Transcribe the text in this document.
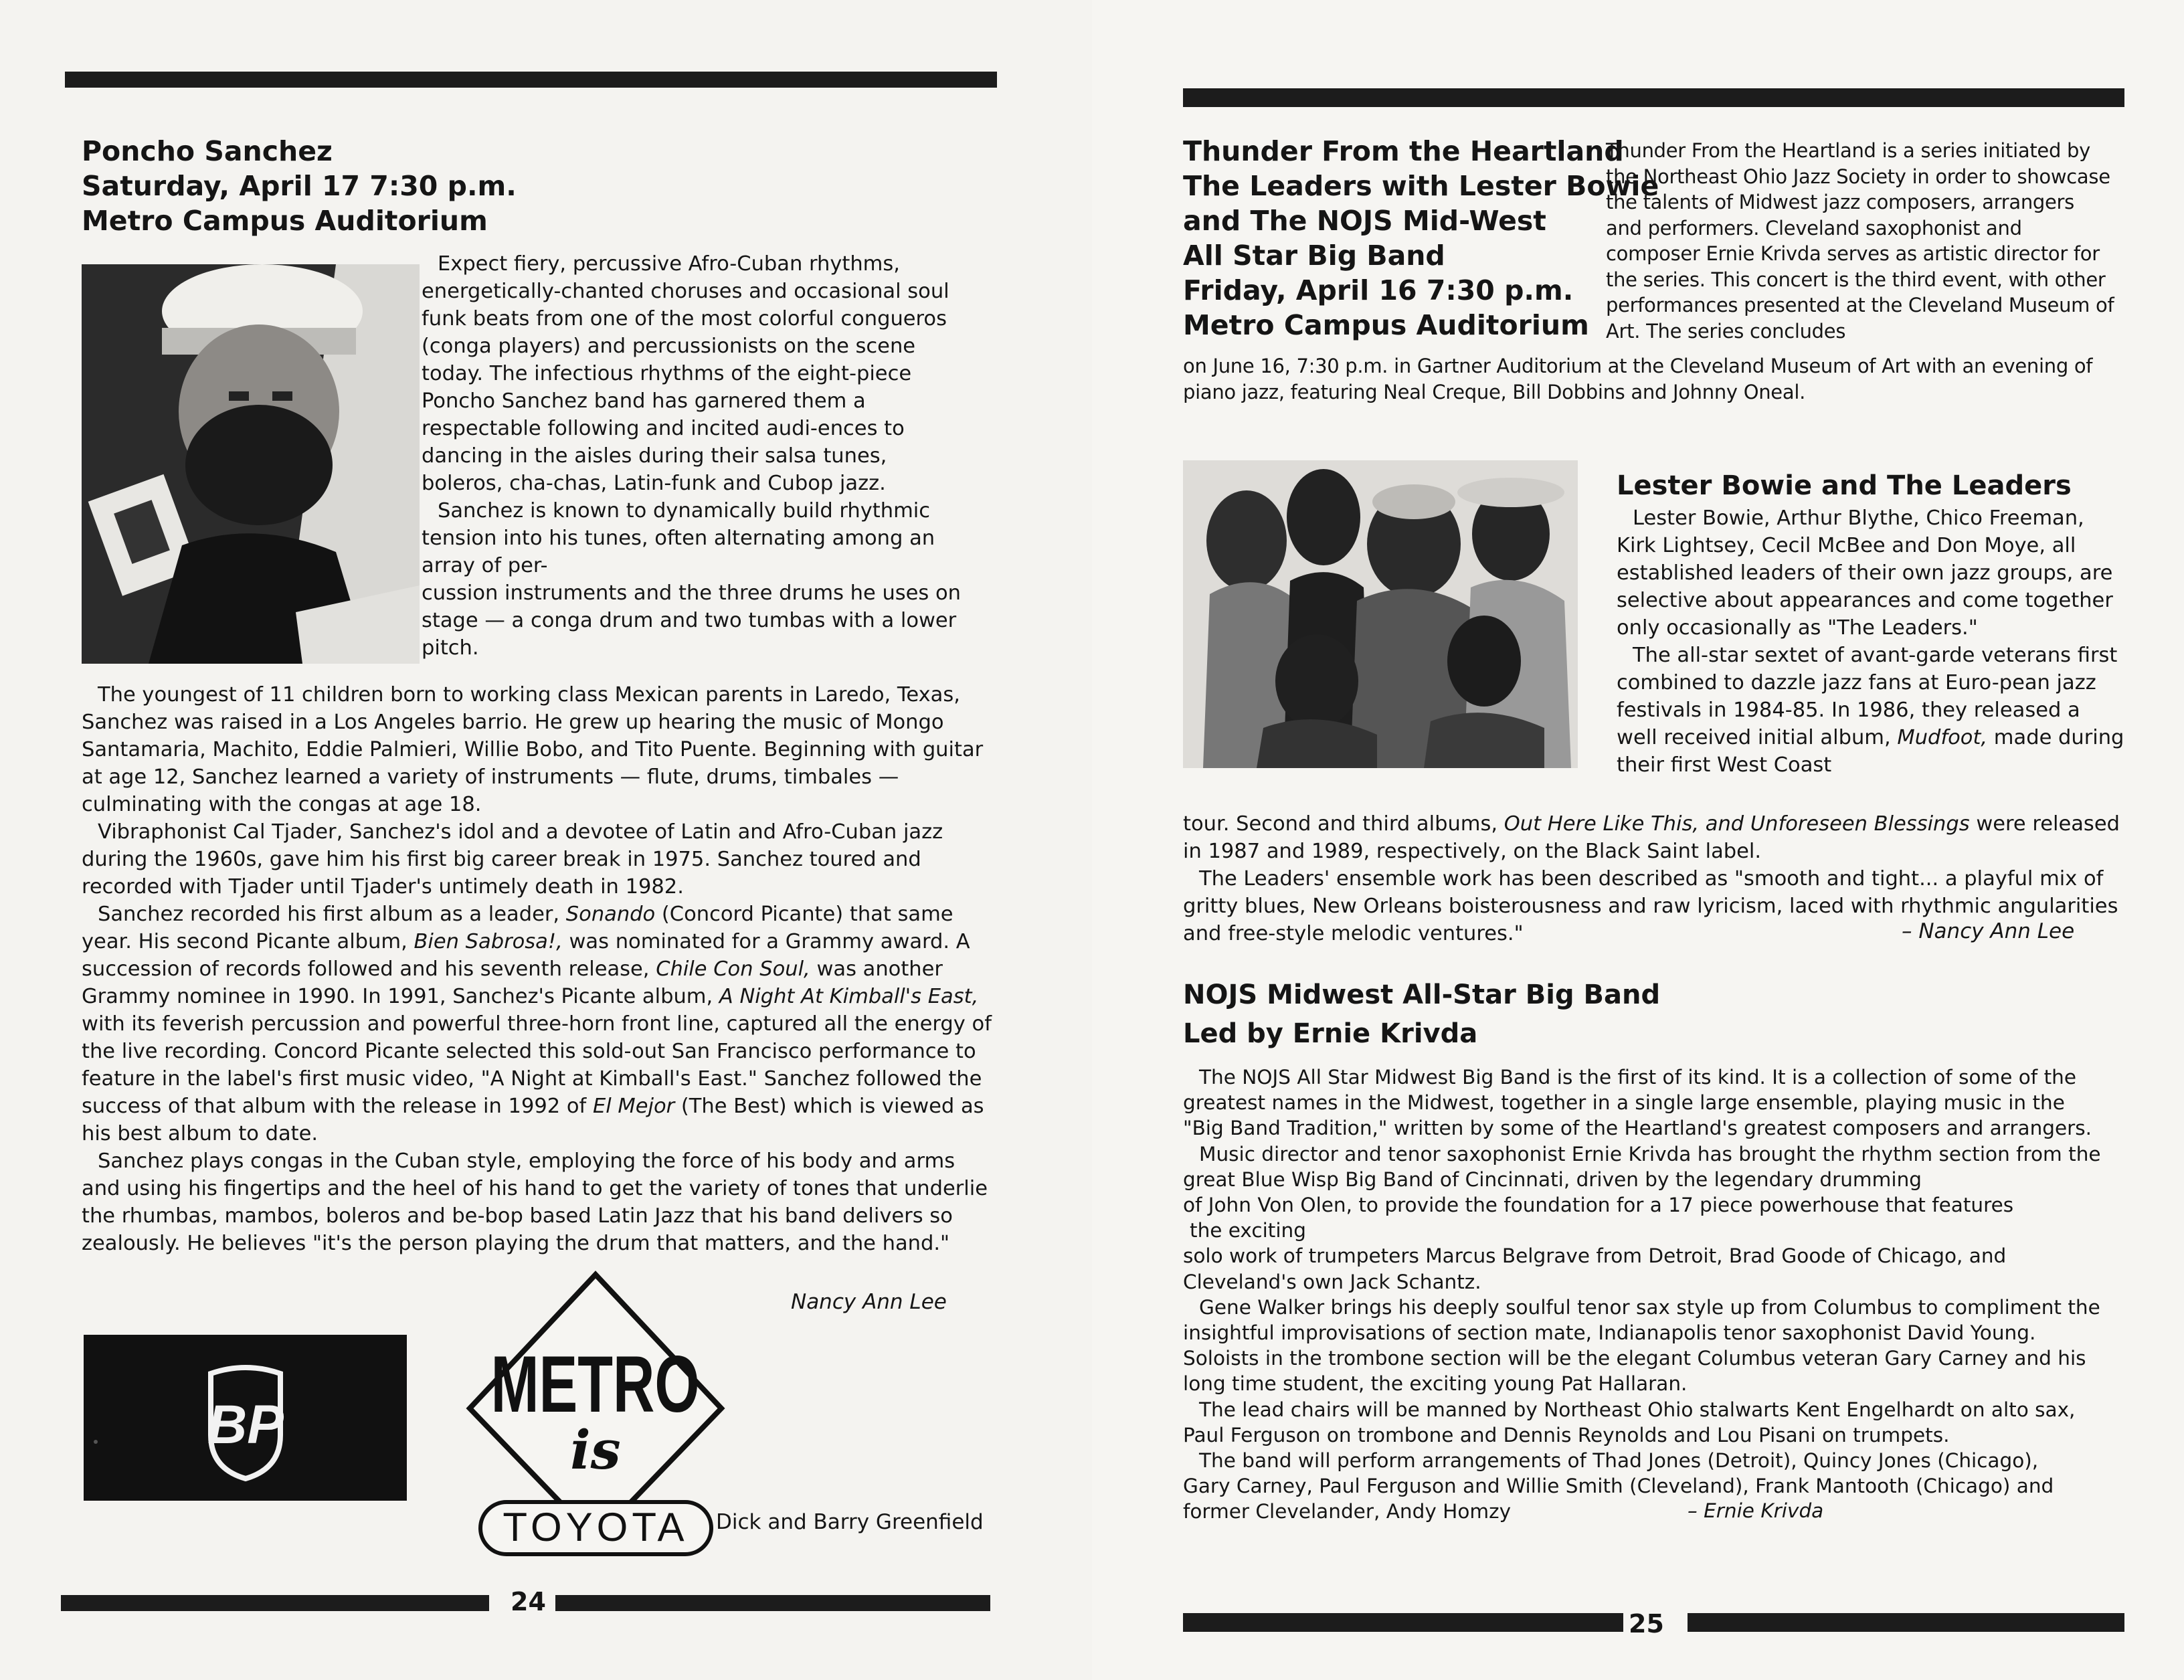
Poncho Sanchez
Saturday, April 17 7:30 p.m.
Metro Campus Auditorium

Expect fiery, percussive Afro-Cuban rhythms, energetically-chanted choruses and occasional soul funk beats from one of the most colorful congueros (conga players) and percussionists on the scene today. The infectious rhythms of the eight-piece Poncho Sanchez band has garnered them a respectable following and incited audi-ences to dancing in the aisles during their salsa tunes, boleros, cha-chas, Latin-funk and Cubop jazz.

Sanchez is known to dynamically build rhythmic tension into his tunes, often alternating among an array of per-

cussion instruments and the three drums he uses on stage — a conga drum and two tumbas with a lower pitch.

The youngest of 11 children born to working class Mexican parents in Laredo, Texas, Sanchez was raised in a Los Angeles barrio. He grew up hearing the music of Mongo Santamaria, Machito, Eddie Palmieri, Willie Bobo, and Tito Puente. Beginning with guitar at age 12, Sanchez learned a variety of instruments — flute, drums, timbales — culminating with the congas at age 18.

Vibraphonist Cal Tjader, Sanchez's idol and a devotee of Latin and Afro-Cuban jazz during the 1960s, gave him his first big career break in 1975. Sanchez toured and recorded with Tjader until Tjader's untimely death in 1982.

Sanchez recorded his first album as a leader, Sonando (Concord Picante) that same year. His second Picante album, Bien Sabrosa!, was nominated for a Grammy award. A succession of records followed and his seventh release, Chile Con Soul, was another Grammy nominee in 1990. In 1991, Sanchez's Picante album, A Night At Kimball's East, with its feverish percussion and powerful three-horn front line, captured all the energy of the live recording. Concord Picante selected this sold-out San Francisco performance to feature in the label's first music video, "A Night at Kimball's East." Sanchez followed the success of that album with the release in 1992 of El Mejor (The Best) which is viewed as his best album to date.

Sanchez plays congas in the Cuban style, employing the force of his body and arms and using his fingertips and the heel of his hand to get the variety of tones that underlie the rhumbas, mambos, boleros and be-bop based Latin Jazz that his band delivers so zealously. He believes "it's the person playing the drum that matters, and the hand."

Nancy Ann Lee
BP	METRO
is
TOYOTA Dick and Barry Greenfield
24
Thunder From the Heartland
The Leaders with Lester Bowie
and The NOJS Mid-West
All Star Big Band
Friday, April 16 7:30 p.m.
Metro Campus Auditorium
Thunder From the Heartland is a series initiated by the Northeast Ohio Jazz Society in order to showcase the talents of Midwest jazz composers, arrangers and performers. Cleveland saxophonist and composer Ernie Krivda serves as artistic director for the series. This concert is the third event, with other performances presented at the Cleveland Museum of Art. The series concludes
on June 16, 7:30 p.m. in Gartner Auditorium at the Cleveland Museum of Art with an evening of piano jazz, featuring Neal Creque, Bill Dobbins and Johnny Oneal.
Lester Bowie and The Leaders

Lester Bowie, Arthur Blythe, Chico Freeman, Kirk Lightsey, Cecil McBee and Don Moye, all established leaders of their own jazz groups, are selective about appearances and come together only occasionally as "The Leaders."

The all-star sextet of avant-garde veterans first combined to dazzle jazz fans at Euro-pean jazz festivals in 1984-85. In 1986, they released a well received initial album, Mudfoot, made during their first West Coast

tour. Second and third albums, Out Here Like This, and Unforeseen Blessings were released in 1987 and 1989, respectively, on the Black Saint label.

The Leaders' ensemble work has been described as "smooth and tight... a playful mix of gritty blues, New Orleans boisterousness and raw lyricism, laced with rhythmic angularities and free-style melodic ventures."	– Nancy Ann Lee
NOJS Midwest All-Star Big Band
Led by Ernie Krivda

The NOJS All Star Midwest Big Band is the first of its kind. It is a collection of some of the

greatest names in the Midwest, together in a single large ensemble, playing music in the

"Big Band Tradition," written by some of the Heartland's greatest composers and arrangers.

Music director and tenor saxophonist Ernie Krivda has brought the rhythm section from the

great Blue Wisp Big Band of Cincinnati, driven by the legendary drumming

of John Von Olen, to provide the foundation for a 17 piece powerhouse that features

the exciting

solo work of trumpeters Marcus Belgrave from Detroit, Brad Goode of Chicago, and

Cleveland's own Jack Schantz.

Gene Walker brings his deeply soulful tenor sax style up from Columbus to compliment the

insightful improvisations of section mate, Indianapolis tenor saxophonist David Young.

Soloists in the trombone section will be the elegant Columbus veteran Gary Carney and his

long time student, the exciting young Pat Hallaran.

The lead chairs will be manned by Northeast Ohio stalwarts Kent Engelhardt on alto sax,

Paul Ferguson on trombone and Dennis Reynolds and Lou Pisani on trumpets.

The band will perform arrangements of Thad Jones (Detroit), Quincy Jones (Chicago),

Gary Carney, Paul Ferguson and Willie Smith (Cleveland), Frank Mantooth (Chicago) and

former Clevelander, Andy Homzy	– Ernie Krivda
25
